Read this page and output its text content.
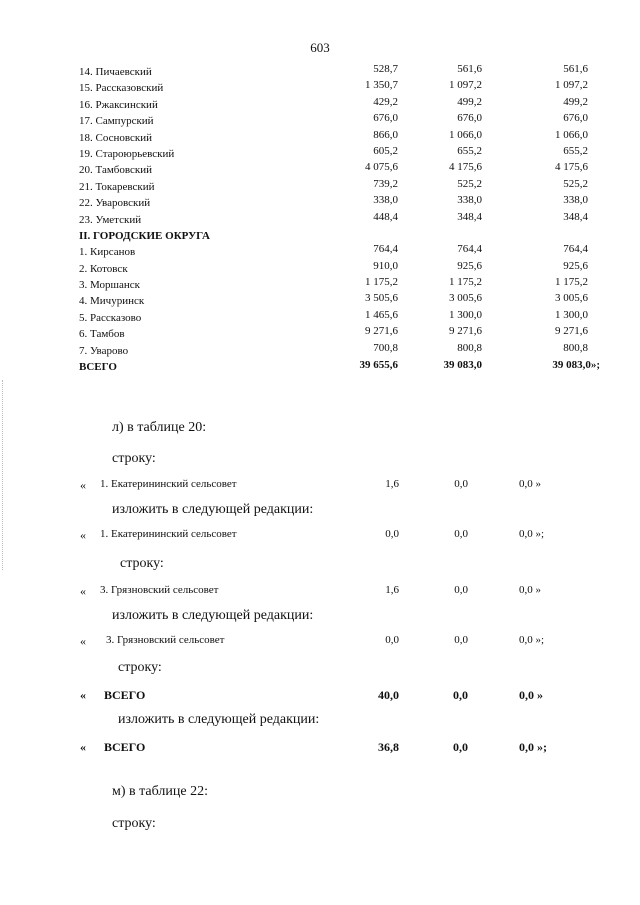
603
14. Пичаевский	528,7	561,6	561,6
15. Рассказовский	1 350,7	1 097,2	1 097,2
16. Ржаксинский	429,2	499,2	499,2
17. Сампурский	676,0	676,0	676,0
18. Сосновский	866,0	1 066,0	1 066,0
19. Староюрьевский	605,2	655,2	655,2
20. Тамбовский	4 075,6	4 175,6	4 175,6
21. Токаревский	739,2	525,2	525,2
22. Уваровский	338,0	338,0	338,0
23. Уметский	448,4	348,4	348,4
II. ГОРОДСКИЕ ОКРУГА
1. Кирсанов	764,4	764,4	764,4
2. Котовск	910,0	925,6	925,6
3. Моршанск	1 175,2	1 175,2	1 175,2
4. Мичуринск	3 505,6	3 005,6	3 005,6
5. Рассказово	1 465,6	1 300,0	1 300,0
6. Тамбов	9 271,6	9 271,6	9 271,6
7. Уварово	700,8	800,8	800,8
ВСЕГО	39 655,6	39 083,0	39 083,0»;
л) в таблице 20:
строку:
« 1. Екатерининский сельсовет	1,6	0,0	0,0 »
изложить в следующей редакции:
« 1. Екатерининский сельсовет	0,0	0,0	0,0 »;
строку:
« 3. Грязновский сельсовет	1,6	0,0	0,0 »
изложить в следующей редакции:
« 3. Грязновский сельсовет	0,0	0,0	0,0 »;
строку:
« ВСЕГО	40,0	0,0	0,0 »
изложить в следующей редакции:
« ВСЕГО	36,8	0,0	0,0 »;
м) в таблице 22:
строку:
